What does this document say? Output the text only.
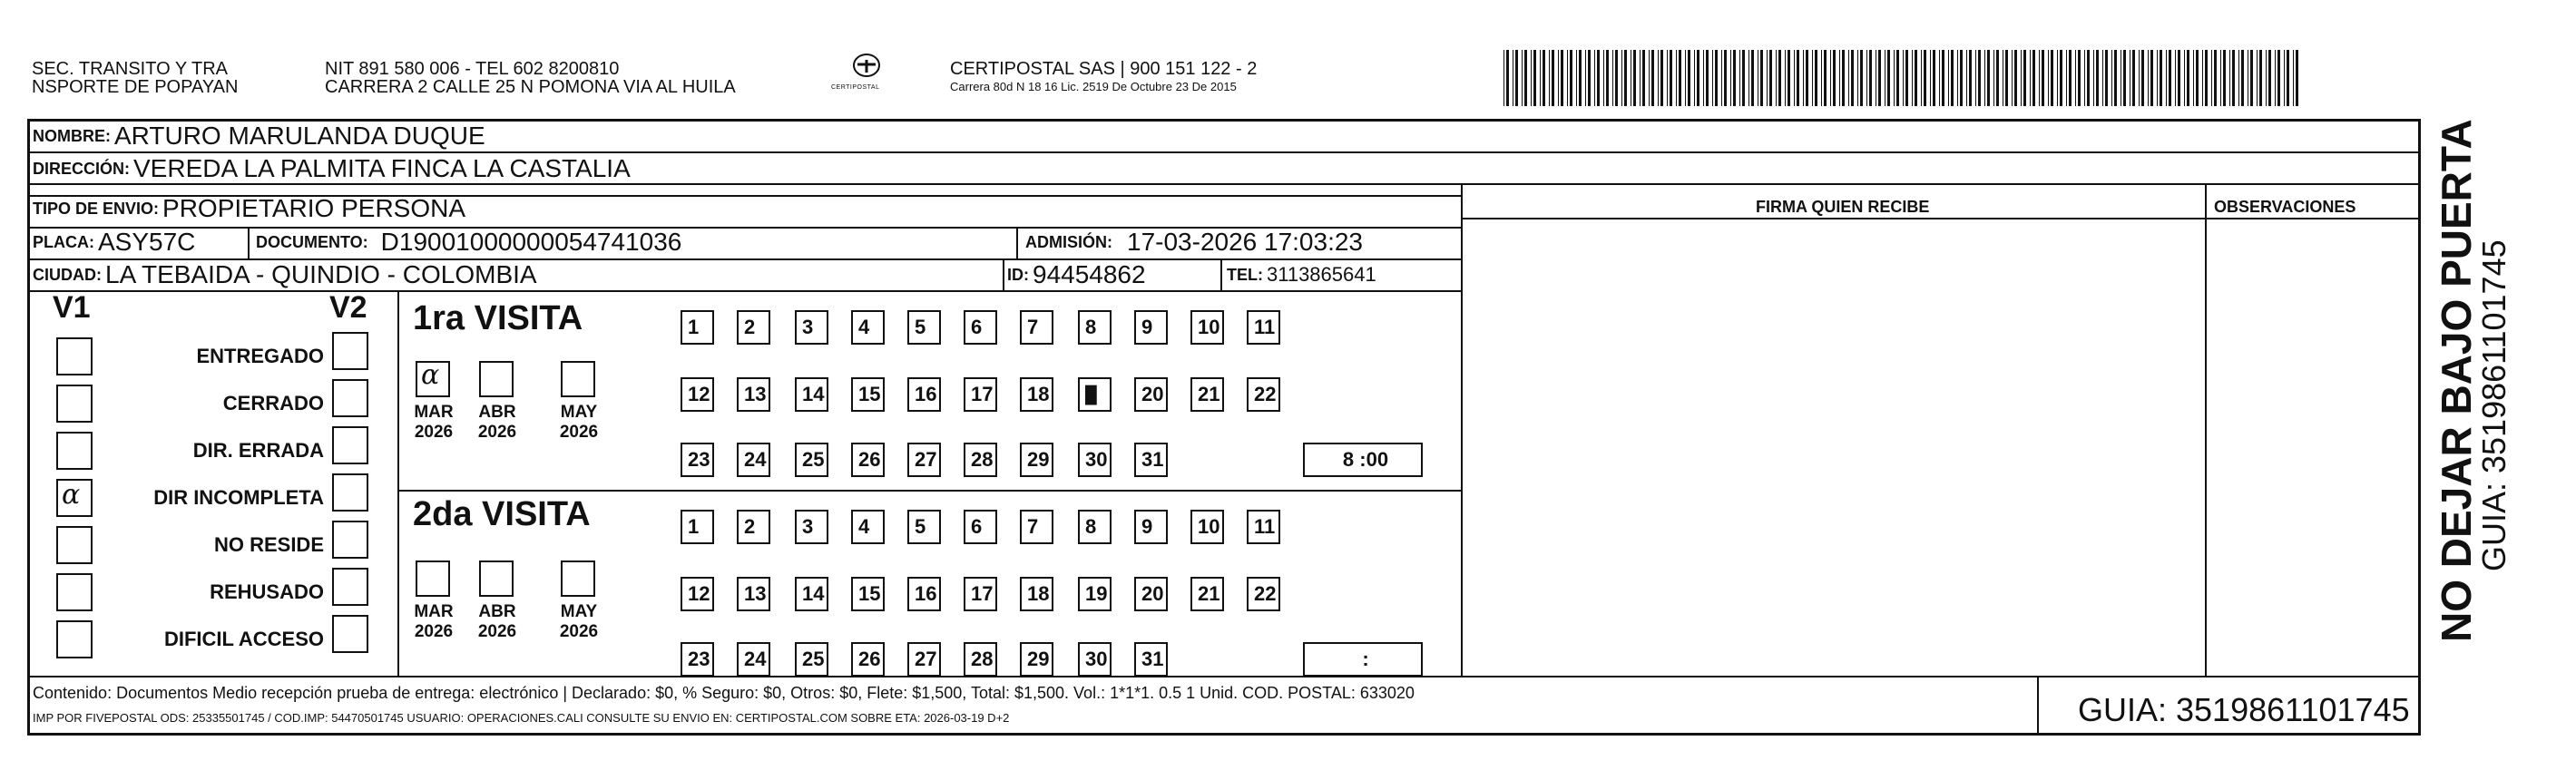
SEC. TRANSITO Y TRA
NSPORTE DE POPAYAN
NIT 891 580 006 - TEL 602 8200810
CARRERA 2 CALLE 25 N POMONA VIA AL HUILA	CERTIPOSTAL
CERTIPOSTAL SAS | 900 151 122 - 2
Carrera 80d N 18 16 Lic. 2519 De Octubre 23 De 2015
NOMBRE: ARTURO MARULANDA DUQUE
DIRECCIÓN: VEREDA LA PALMITA FINCA LA CASTALIA
TIPO DE ENVIO: PROPIETARIO PERSONA	FIRMA QUIEN RECIBE	OBSERVACIONES
PLACA: ASY57C	DOCUMENTO: D19001000000054741036	ADMISIÓN: 17-03-2026 17:03:23
CIUDAD: LA TEBAIDA - QUINDIO - COLOMBIA	ID: 94454862	TEL: 3113865641
V1	V2
ENTREGADO
CERRADO
DIR. ERRADA
α	DIR INCOMPLETA
NO RESIDE
REHUSADO
DIFICIL ACCESO
1ra VISITA
2da VISITA
α
MAR
2026
ABR
2026
MAY
2026
1	2	3	4	5	6	7	8	9	10	11
12	13	14	15	16	17	18	█	20	21	22
23	24	25	26	27	28	29	30	31	8 :00
MAR
2026
ABR
2026
MAY
2026
1	2	3	4	5	6	7	8	9	10	11
12	13	14	15	16	17	18	19	20	21	22
23	24	25	26	27	28	29	30	31	:
Contenido: Documentos Medio recepción prueba de entrega: electrónico | Declarado: $0, % Seguro: $0, Otros: $0, Flete: $1,500, Total: $1,500. Vol.: 1*1*1. 0.5 1 Unid. COD. POSTAL: 633020
IMP POR FIVEPOSTAL ODS: 25335501745 / COD.IMP: 54470501745 USUARIO: OPERACIONES.CALI CONSULTE SU ENVIO EN: CERTIPOSTAL.COM SOBRE ETA: 2026-03-19 D+2	GUIA: 3519861101745
NO DEJAR BAJO PUERTA
GUIA: 3519861101745
